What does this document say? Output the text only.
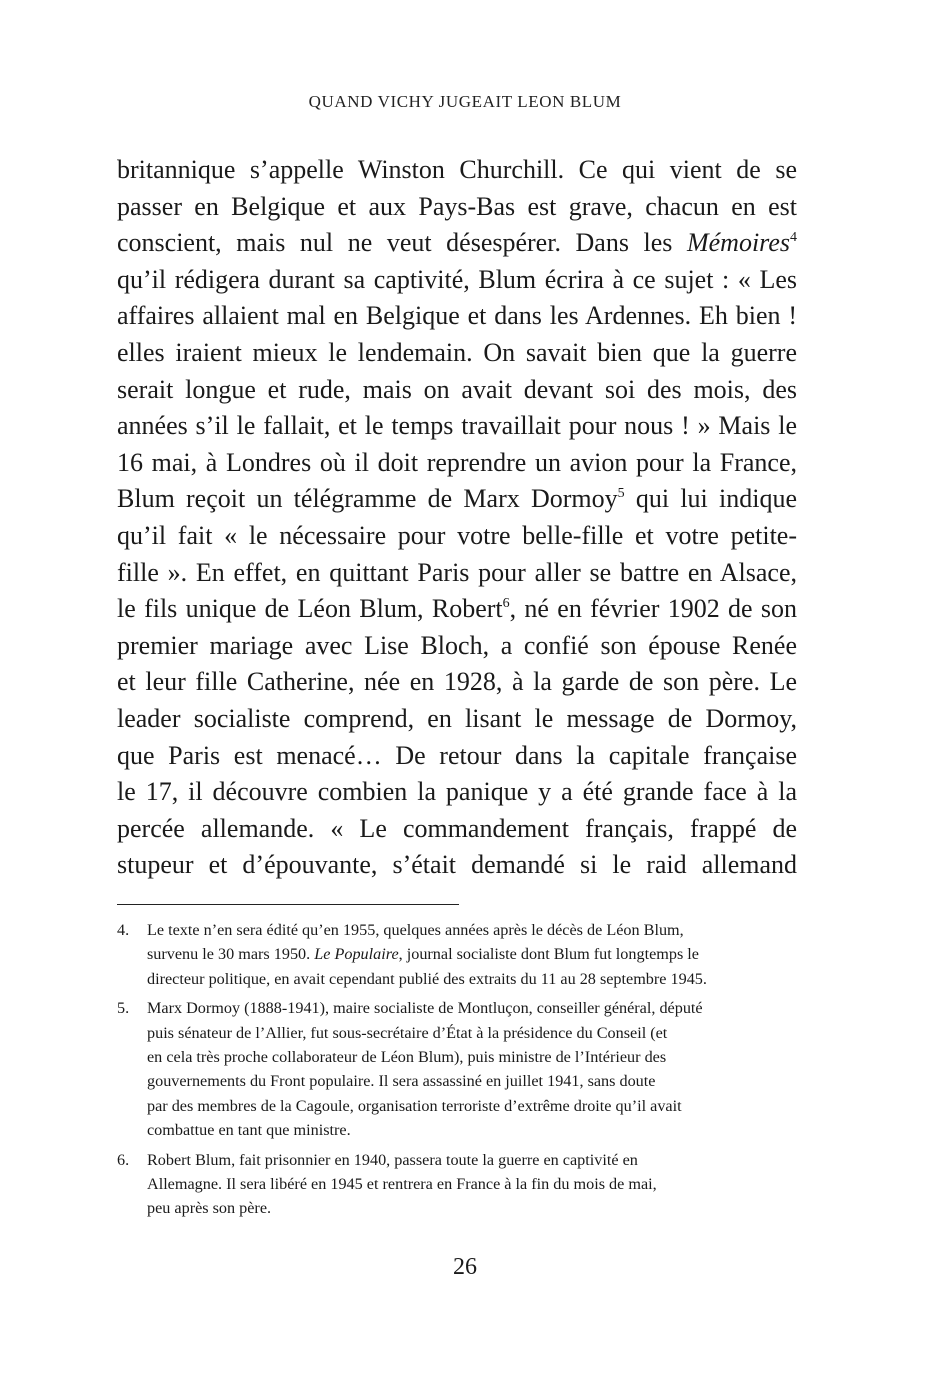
QUAND VICHY JUGEAIT LEON BLUM
britannique s’appelle Winston Churchill. Ce qui vient de se
passer en Belgique et aux Pays-Bas est grave, chacun en est
conscient, mais nul ne veut désespérer. Dans les Mémoires$^4$
qu’il rédigera durant sa captivité, Blum écrira à ce sujet : « Les
affaires allaient mal en Belgique et dans les Ardennes. Eh bien !
elles iraient mieux le lendemain. On savait bien que la guerre
serait longue et rude, mais on avait devant soi des mois, des
années s’il le fallait, et le temps travaillait pour nous ! » Mais le
16 mai, à Londres où il doit reprendre un avion pour la France,
Blum reçoit un télégramme de Marx Dormoy$^5$ qui lui indique
qu’il fait « le nécessaire pour votre belle-fille et votre petite-
fille ». En effet, en quittant Paris pour aller se battre en Alsace,
le fils unique de Léon Blum, Robert$^6$, né en février 1902 de son
premier mariage avec Lise Bloch, a confié son épouse Renée
et leur fille Catherine, née en 1928, à la garde de son père. Le
leader socialiste comprend, en lisant le message de Dormoy,
que Paris est menacé… De retour dans la capitale française
le 17, il découvre combien la panique y a été grande face à la
percée allemande. « Le commandement français, frappé de
stupeur et d’épouvante, s’était demandé si le raid allemand
4. Le texte n’en sera édité qu’en 1955, quelques années après le décès de Léon Blum,
survenu le 30 mars 1950. Le Populaire, journal socialiste dont Blum fut longtemps le
directeur politique, en avait cependant publié des extraits du 11 au 28 septembre 1945.
5. Marx Dormoy (1888-1941), maire socialiste de Montluçon, conseiller général, député
puis sénateur de l’Allier, fut sous-secrétaire d’État à la présidence du Conseil (et
en cela très proche collaborateur de Léon Blum), puis ministre de l’Intérieur des
gouvernements du Front populaire. Il sera assassiné en juillet 1941, sans doute
par des membres de la Cagoule, organisation terroriste d’extrême droite qu’il avait
combattue en tant que ministre.
6. Robert Blum, fait prisonnier en 1940, passera toute la guerre en captivité en
Allemagne. Il sera libéré en 1945 et rentrera en France à la fin du mois de mai,
peu après son père.
26
